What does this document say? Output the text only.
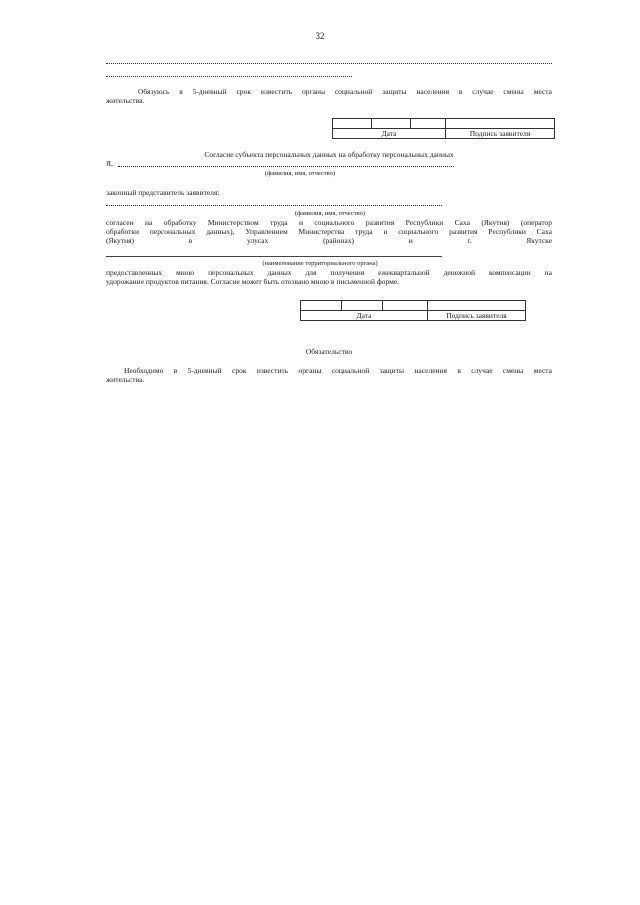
32
Обязуюсь в 5-дневный срок известить органы социальной защиты населения в случае смены места
жительства.

Дата			Подпись заявителя
Согласие субъекта персональных данных на обработку персональных данных
Я,
(фамилия, имя, отчество)
законный представитель заявителя:
(фамилия, имя, отчество)
согласен на обработку Министерством труда и социального развития Республики Саха (Якутия) (оператор
обработки персональных данных), Управлением Министерства труда и социального развития Республики Саха
(Якутия)	в	улусах	(районах)	и	г.	Якутске
(наименование территориального органа)
предоставленных мною персональных данных для получения ежеквартальной денежной компенсации на
удорожание продуктов питания. Согласие может быть отозвано мною в письменной форме.

Дата			Подпись заявителя
Обязательство
Необходимо в 5-дневный срок известить органы социальной защиты населения в случае смены места
жительства.
